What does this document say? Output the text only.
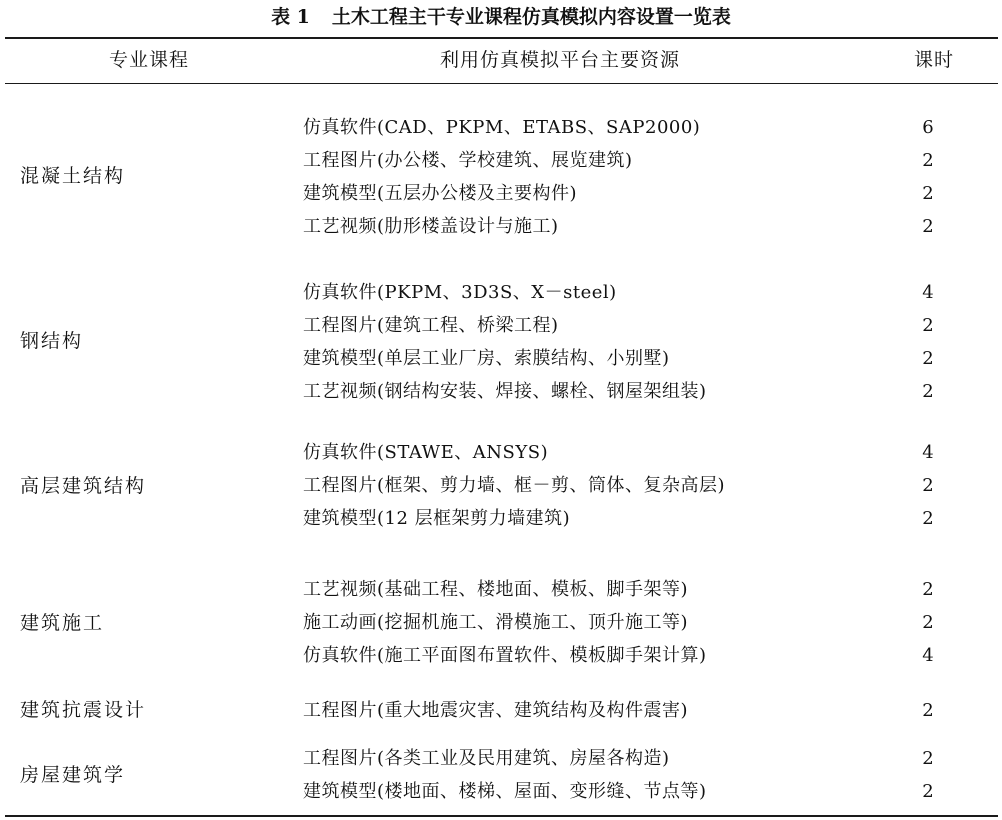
表 1 土木工程主干专业课程仿真模拟内容设置一览表
专业课程	利用仿真模拟平台主要资源	课时
混凝土结构
仿真软件(CAD、PKPM、ETABS、SAP2000)	6
工程图片(办公楼、学校建筑、展览建筑)	2
建筑模型(五层办公楼及主要构件)	2
工艺视频(肋形楼盖设计与施工)	2
钢结构
仿真软件(PKPM、3D3S、X－steel)	4
工程图片(建筑工程、桥梁工程)	2
建筑模型(单层工业厂房、索膜结构、小别墅)	2
工艺视频(钢结构安装、焊接、螺栓、钢屋架组装)	2
高层建筑结构
仿真软件(STAWE、ANSYS)	4
工程图片(框架、剪力墙、框－剪、筒体、复杂高层)	2
建筑模型(12 层框架剪力墙建筑)	2
建筑施工
工艺视频(基础工程、楼地面、模板、脚手架等)	2
施工动画(挖掘机施工、滑模施工、顶升施工等)	2
仿真软件(施工平面图布置软件、模板脚手架计算)	4
建筑抗震设计	工程图片(重大地震灾害、建筑结构及构件震害)	2
房屋建筑学
工程图片(各类工业及民用建筑、房屋各构造)	2
建筑模型(楼地面、楼梯、屋面、变形缝、节点等)	2
